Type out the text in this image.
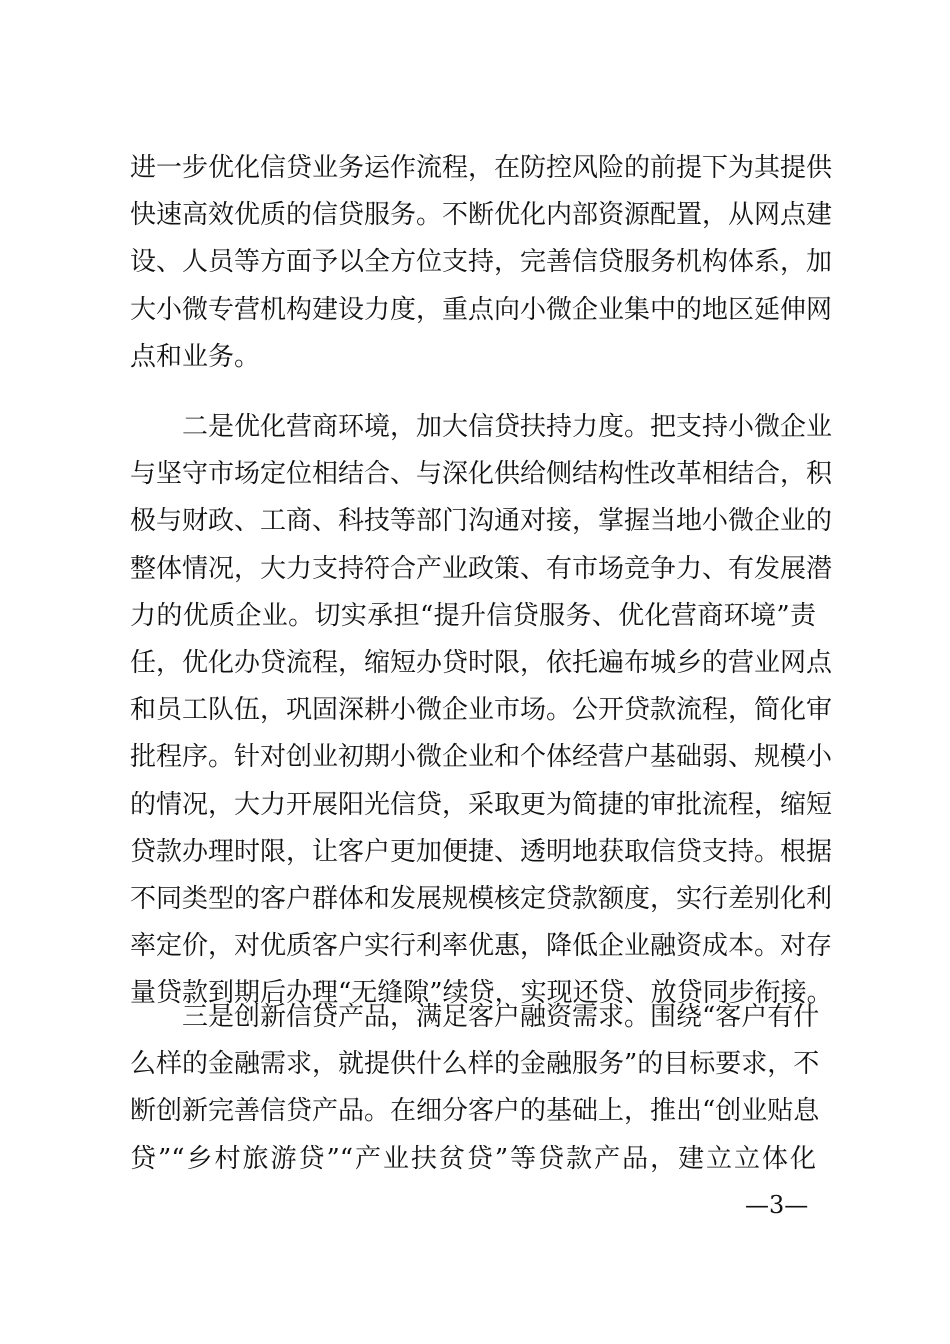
进一步优化信贷业务运作流程，在防控风险的前提下为其提供
快速高效优质的信贷服务。不断优化内部资源配置，从网点建
设、人员等方面予以全方位支持，完善信贷服务机构体系，加
大小微专营机构建设力度，重点向小微企业集中的地区延伸网
点和业务。
　　二是优化营商环境，加大信贷扶持力度。把支持小微企业
与坚守市场定位相结合、与深化供给侧结构性改革相结合，积
极与财政、工商、科技等部门沟通对接，掌握当地小微企业的
整体情况，大力支持符合产业政策、有市场竞争力、有发展潜
力的优质企业。切实承担“提升信贷服务、优化营商环境”责
任，优化办贷流程，缩短办贷时限，依托遍布城乡的营业网点
和员工队伍，巩固深耕小微企业市场。公开贷款流程，简化审
批程序。针对创业初期小微企业和个体经营户基础弱、规模小
的情况，大力开展阳光信贷，采取更为简捷的审批流程，缩短
贷款办理时限，让客户更加便捷、透明地获取信贷支持。根据
不同类型的客户群体和发展规模核定贷款额度，实行差别化利
率定价，对优质客户实行利率优惠，降低企业融资成本。对存
量贷款到期后办理“无缝隙”续贷，实现还贷、放贷同步衔接。
　　三是创新信贷产品，满足客户融资需求。围绕“客户有什
么样的金融需求，就提供什么样的金融服务”的目标要求，不
断创新完善信贷产品。在细分客户的基础上，推出“创业贴息
贷”“乡村旅游贷”“产业扶贫贷”等贷款产品，建立立体化
—3—
